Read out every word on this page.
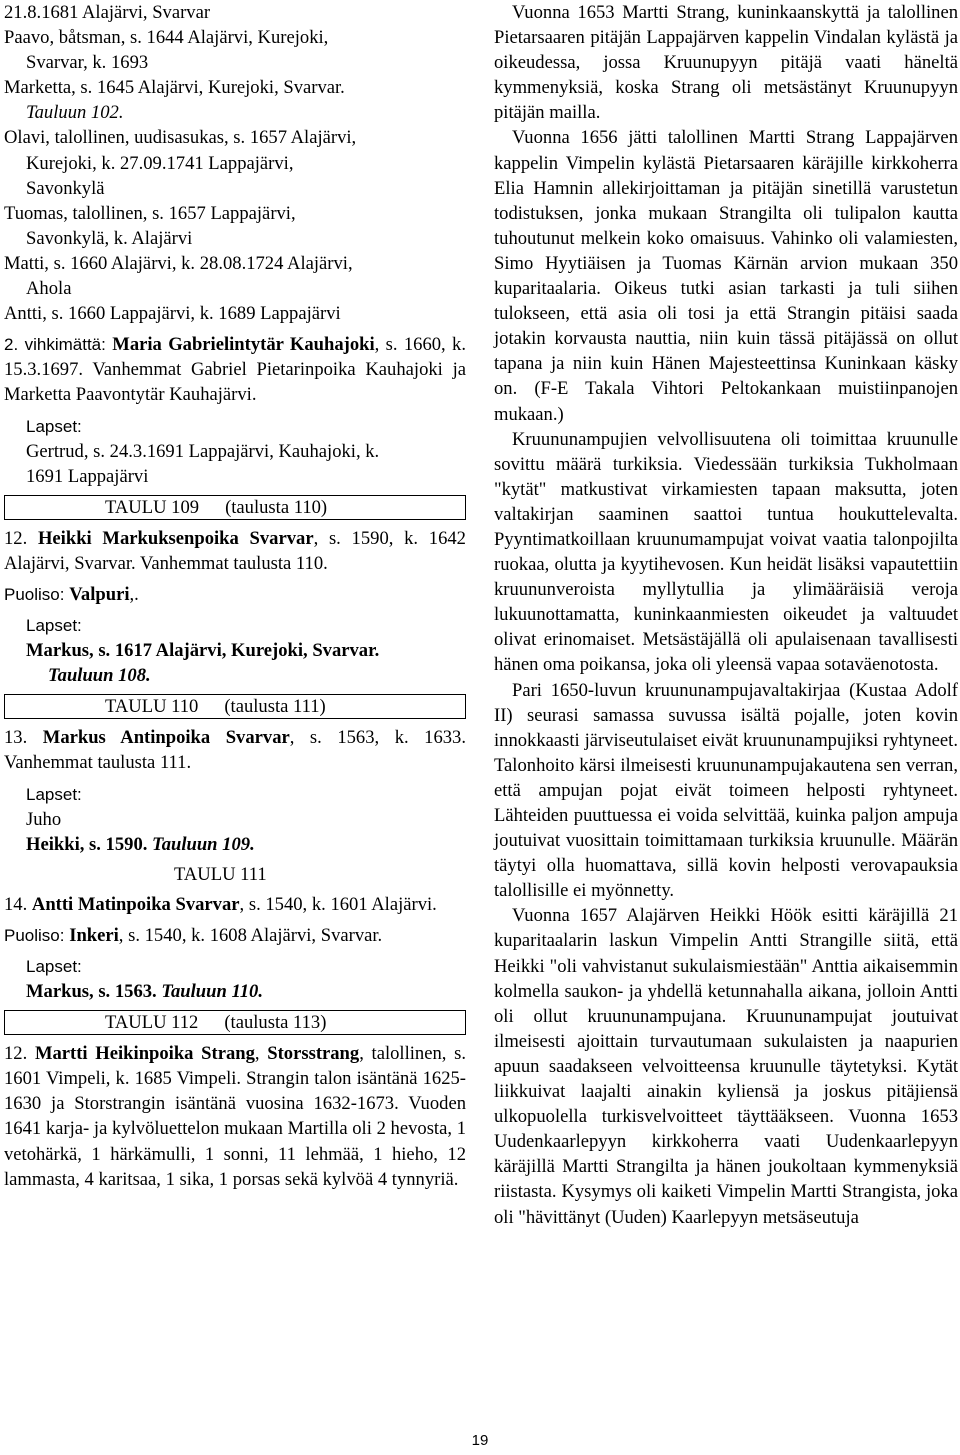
21.8.1681 Alajärvi, Svarvar

Paavo, båtsman, s. 1644 Alajärvi, Kurejoki,

Svarvar, k. 1693

Marketta, s. 1645 Alajärvi, Kurejoki, Svarvar.

Tauluun 102.

Olavi, talollinen, uudisasukas, s. 1657 Alajärvi,

Kurejoki, k. 27.09.1741 Lappajärvi,

Savonkylä

Tuomas, talollinen, s. 1657 Lappajärvi,

Savonkylä, k. Alajärvi

Matti, s. 1660 Alajärvi, k. 28.08.1724 Alajärvi,

Ahola

Antti, s. 1660 Lappajärvi, k. 1689 Lappajärvi

2. vihkimättä: Maria Gabrielintytär Kauhajoki, s. 1660, k. 15.3.1697. Vanhemmat Gabriel Pietarinpoika Kauhajoki ja Marketta Paavontytär Kauhajärvi.

Lapset:

Gertrud, s. 24.3.1691 Lappajärvi, Kauhajoki, k.

1691 Lappajärvi

TAULU 109 (taulusta 110)

12. Heikki Markuksenpoika Svarvar, s. 1590, k. 1642 Alajärvi, Svarvar. Vanhemmat taulusta 110.

Puoliso: Valpuri,.

Lapset:

Markus, s. 1617 Alajärvi, Kurejoki, Svarvar.

Tauluun 108.

TAULU 110 (taulusta 111)

13. Markus Antinpoika Svarvar, s. 1563, k. 1633. Vanhemmat taulusta 111.

Lapset:

Juho

Heikki, s. 1590. Tauluun 109.

TAULU 111

14. Antti Matinpoika Svarvar, s. 1540, k. 1601 Alajärvi.

Puoliso: Inkeri, s. 1540, k. 1608 Alajärvi, Svarvar.

Lapset:

Markus, s. 1563. Tauluun 110.

TAULU 112 (taulusta 113)

12. Martti Heikinpoika Strang, Storsstrang, talollinen, s. 1601 Vimpeli, k. 1685 Vimpeli. Strangin talon isäntänä 1625-1630 ja Storstrangin isäntänä vuosina 1632-1673. Vuoden 1641 karja- ja kylvöluettelon mukaan Martilla oli 2 hevosta, 1 vetohärkä, 1 härkämulli, 1 sonni, 11 lehmää, 1 hieho, 12 lammasta, 4 karitsaa, 1 sika, 1 porsas sekä kylvöä 4 tynnyriä.

Vuonna 1653 Martti Strang, kuninkaanskyttä ja talollinen Pietarsaaren pitäjän Lappajärven kappelin Vindalan kylästä ja oikeudessa, jossa Kruunupyyn pitäjä vaati häneltä kymmenyksiä, koska Strang oli metsästänyt Kruunupyyn pitäjän mailla.

Vuonna 1656 jätti talollinen Martti Strang Lappajärven kappelin Vimpelin kylästä Pietarsaaren käräjille kirkkoherra Elia Hamnin allekirjoittaman ja pitäjän sinetillä varustetun todistuksen, jonka mukaan Strangilta oli tulipalon kautta tuhoutunut melkein koko omaisuus. Vahinko oli valamiesten, Simo Hyytiäisen ja Tuomas Kärnän arvion mukaan 350 kuparitaalaria. Oikeus tutki asian tarkasti ja tuli siihen tulokseen, että asia oli tosi ja että Strangin pitäisi saada jotakin korvausta nauttia, niin kuin tässä pitäjässä on ollut tapana ja niin kuin Hänen Majesteettinsa Kuninkaan käsky on. (F-E Takala Vihtori Peltokankaan muistiinpanojen mukaan.)

Kruununampujien velvollisuutena oli toimittaa kruunulle sovittu määrä turkiksia. Viedessään turkiksia Tukholmaan "kytät" matkustivat virkamiesten tapaan maksutta, joten valtakirjan saaminen saattoi tuntua houkuttelevalta. Pyyntimatkoillaan kruunumampujat voivat vaatia talonpojilta ruokaa, olutta ja kyytihevosen. Kun heidät lisäksi vapautettiin kruununveroista myllytullia ja ylimääräisiä veroja lukuunottamatta, kuninkaanmiesten oikeudet ja valtuudet olivat erinomaiset. Metsästäjällä oli apulaisenaan tavallisesti hänen oma poikansa, joka oli yleensä vapaa sotaväenotosta.

Pari 1650-luvun kruununampujavaltakirjaa (Kustaa Adolf II) seurasi samassa suvussa isältä pojalle, joten kovin innokkaasti järviseutulaiset eivät kruununampujiksi ryhtyneet. Talonhoito kärsi ilmeisesti kruununampujakautena sen verran, että ampujan pojat eivät toimeen helposti ryhtyneet. Lähteiden puuttuessa ei voida selvittää, kuinka paljon ampuja joutuivat vuosittain toimittamaan turkiksia kruunulle. Määrän täytyi olla huomattava, sillä kovin helposti verovapauksia talollisille ei myönnetty.

Vuonna 1657 Alajärven Heikki Höök esitti käräjillä 21 kuparitaalarin laskun Vimpelin Antti Strangille siitä, että Heikki "oli vahvistanut sukulaismiestään" Anttia aikaisemmin kolmella saukon- ja yhdellä ketunnahalla aikana, jolloin Antti oli ollut kruununampujana. Kruununampujat joutuivat ilmeisesti ajoittain turvautumaan sukulaisten ja naapurien apuun saadakseen velvoitteensa kruunulle täytetyksi. Kytät liikkuivat laajalti ainakin kyliensä ja joskus pitäjiensä ulkopuolella turkisvelvoitteet täyttääkseen. Vuonna 1653 Uudenkaarlepyyn kirkkoherra vaati Uudenkaarlepyyn käräjillä Martti Strangilta ja hänen joukoltaan kymmenyksiä riistasta. Kysymys oli kaiketi Vimpelin Martti Strangista, joka oli "hävittänyt (Uuden) Kaarlepyyn metsäseutuja

19
